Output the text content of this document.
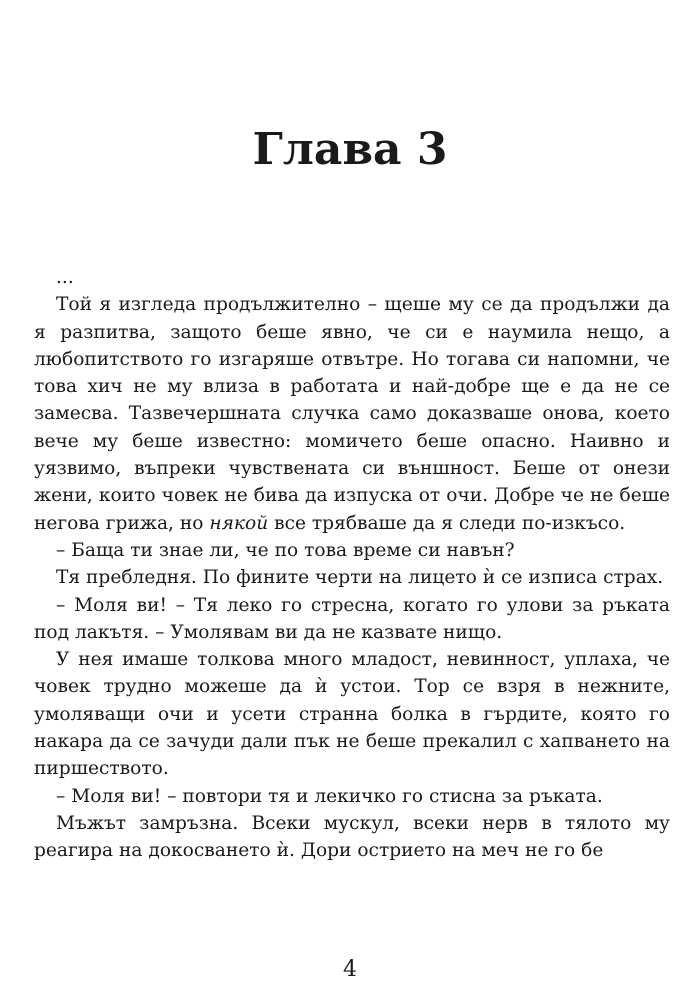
Глава 3

...

Той я изгледа продължително – щеше му се да продължи да я разпитва, защото беше явно, че си е наумила нещо, а любопитството го изгаряше отвътре. Но тогава си напомни, че това хич не му влиза в работата и най-добре ще е да не се замесва. Тазвечершната случка само доказваше онова, което вече му беше известно: момичето беше опасно. Наивно и уязвимо, въпреки чувствената си външност. Беше от онези жени, които човек не бива да изпуска от очи. Добре че не беше негова грижа, но някой все трябваше да я следи по-изкъсо.

– Баща ти знае ли, че по това време си навън?

Тя пребледня. По фините черти на лицето ѝ се изписа страх.

– Моля ви! – Тя леко го стресна, когато го улови за ръката под лакътя. – Умолявам ви да не казвате нищо.

У нея имаше толкова много младост, невинност, уплаха, че човек трудно можеше да ѝ устои. Тор се взря в нежните, умоляващи очи и усети странна болка в гърдите, която го накара да се зачуди дали пък не беше прекалил с хапването на пиршеството.

– Моля ви! – повтори тя и лекичко го стисна за ръката.

Мъжът замръзна. Всеки мускул, всеки нерв в тялото му реагира на докосването ѝ. Дори острието на меч не го бе

4
